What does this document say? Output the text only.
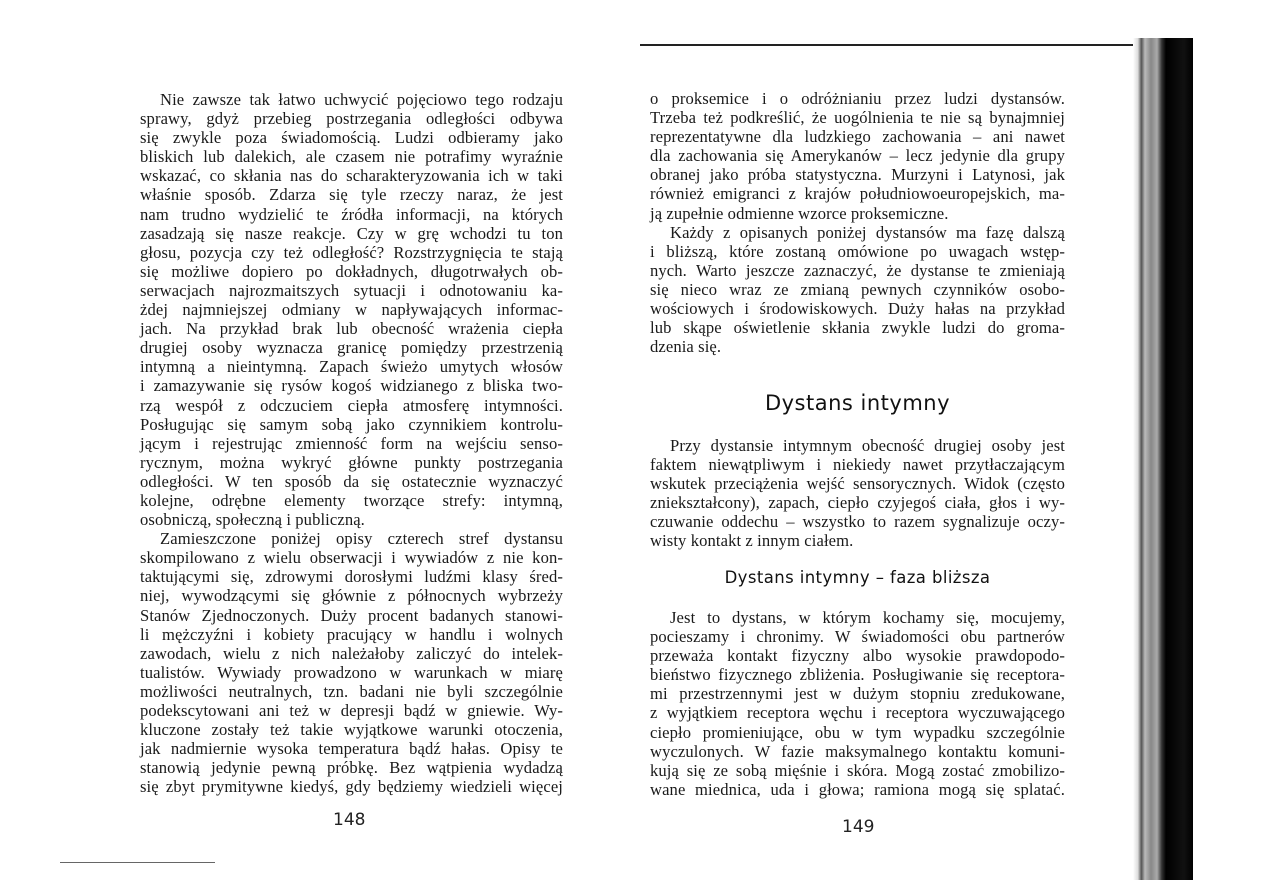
Nie zawsze tak łatwo uchwycić pojęciowo tego rodzaju
sprawy, gdyż przebieg postrzegania odległości odbywa
się zwykle poza świadomością. Ludzi odbieramy jako
bliskich lub dalekich, ale czasem nie potrafimy wyraźnie
wskazać, co skłania nas do scharakteryzowania ich w taki
właśnie sposób. Zdarza się tyle rzeczy naraz, że jest
nam trudno wydzielić te źródła informacji, na których
zasadzają się nasze reakcje. Czy w grę wchodzi tu ton
głosu, pozycja czy też odległość? Rozstrzygnięcia te stają
się możliwe dopiero po dokładnych, długotrwałych ob-
serwacjach najrozmaitszych sytuacji i odnotowaniu ka-
żdej najmniejszej odmiany w napływających informac-
jach. Na przykład brak lub obecność wrażenia ciepła
drugiej osoby wyznacza granicę pomiędzy przestrzenią
intymną a nieintymną. Zapach świeżo umytych włosów
i zamazywanie się rysów kogoś widzianego z bliska two-
rzą wespół z odczuciem ciepła atmosferę intymności.
Posługując się samym sobą jako czynnikiem kontrolu-
jącym i rejestrując zmienność form na wejściu senso-
rycznym, można wykryć główne punkty postrzegania
odległości. W ten sposób da się ostatecznie wyznaczyć
kolejne, odrębne elementy tworzące strefy: intymną,
osobniczą, społeczną i publiczną.
Zamieszczone poniżej opisy czterech stref dystansu
skompilowano z wielu obserwacji i wywiadów z nie kon-
taktującymi się, zdrowymi dorosłymi ludźmi klasy śred-
niej, wywodzącymi się głównie z północnych wybrzeży
Stanów Zjednoczonych. Duży procent badanych stanowi-
li mężczyźni i kobiety pracujący w handlu i wolnych
zawodach, wielu z nich należałoby zaliczyć do intelek-
tualistów. Wywiady prowadzono w warunkach w miarę
możliwości neutralnych, tzn. badani nie byli szczególnie
podekscytowani ani też w depresji bądź w gniewie. Wy-
kluczone zostały też takie wyjątkowe warunki otoczenia,
jak nadmiernie wysoka temperatura bądź hałas. Opisy te
stanowią jedynie pewną próbkę. Bez wątpienia wydadzą
się zbyt prymitywne kiedyś, gdy będziemy wiedzieli więcej
148
o proksemice i o odróżnianiu przez ludzi dystansów.
Trzeba też podkreślić, że uogólnienia te nie są bynajmniej
reprezentatywne dla ludzkiego zachowania – ani nawet
dla zachowania się Amerykanów – lecz jedynie dla grupy
obranej jako próba statystyczna. Murzyni i Latynosi, jak
również emigranci z krajów południowoeuropejskich, ma-
ją zupełnie odmienne wzorce proksemiczne.
Każdy z opisanych poniżej dystansów ma fazę dalszą
i bliższą, które zostaną omówione po uwagach wstęp-
nych. Warto jeszcze zaznaczyć, że dystanse te zmieniają
się nieco wraz ze zmianą pewnych czynników osobo-
wościowych i środowiskowych. Duży hałas na przykład
lub skąpe oświetlenie skłania zwykle ludzi do groma-
dzenia się.
Dystans intymny
Przy dystansie intymnym obecność drugiej osoby jest
faktem niewątpliwym i niekiedy nawet przytłaczającym
wskutek przeciążenia wejść sensorycznych. Widok (często
zniekształcony), zapach, ciepło czyjegoś ciała, głos i wy-
czuwanie oddechu – wszystko to razem sygnalizuje oczy-
wisty kontakt z innym ciałem.
Dystans intymny – faza bliższa
Jest to dystans, w którym kochamy się, mocujemy,
pocieszamy i chronimy. W świadomości obu partnerów
przeważa kontakt fizyczny albo wysokie prawdopodo-
bieństwo fizycznego zbliżenia. Posługiwanie się receptora-
mi przestrzennymi jest w dużym stopniu zredukowane,
z wyjątkiem receptora węchu i receptora wyczuwającego
ciepło promieniujące, obu w tym wypadku szczególnie
wyczulonych. W fazie maksymalnego kontaktu komuni-
kują się ze sobą mięśnie i skóra. Mogą zostać zmobilizo-
wane miednica, uda i głowa; ramiona mogą się splatać.
149
